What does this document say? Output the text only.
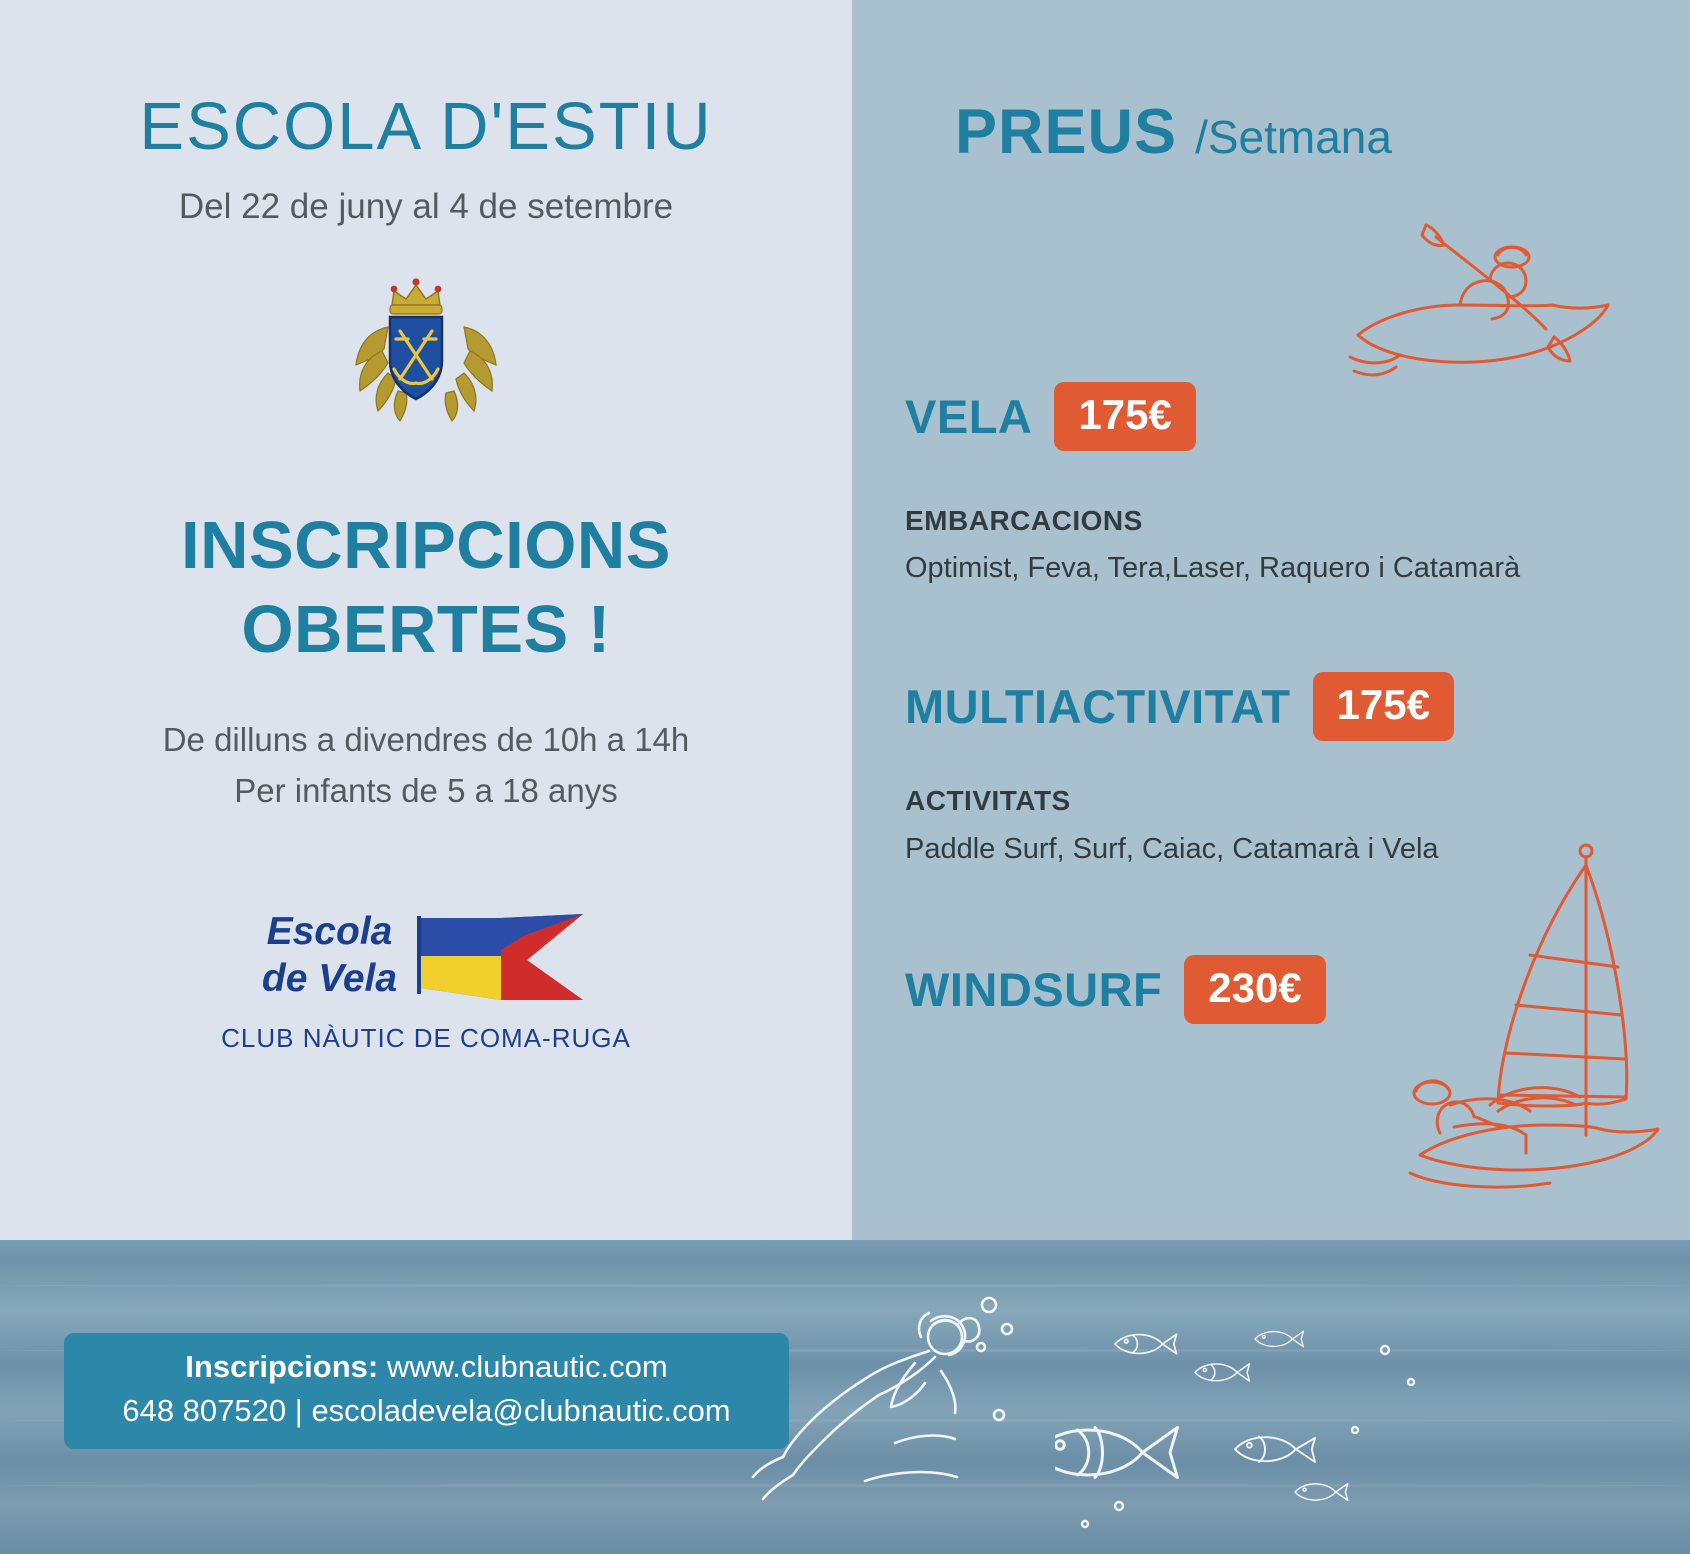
ESCOLA D'ESTIU
Del 22 de juny al 4 de setembre
INSCRIPCIONS
OBERTES !
De dilluns a divendres de 10h a 14h
Per infants de 5 a 18 anys
Escola
de Vela
CLUB NÀUTIC DE COMA-RUGA
PREUS /Setmana
VELA	175€
EMBARCACIONS
Optimist, Feva, Tera,Laser, Raquero i Catamarà
MULTIACTIVITAT	175€
ACTIVITATS
Paddle Surf, Surf, Caiac, Catamarà i Vela
WINDSURF	230€
Inscripcions: www.clubnautic.com
648 807520 | escoladevela@clubnautic.com
